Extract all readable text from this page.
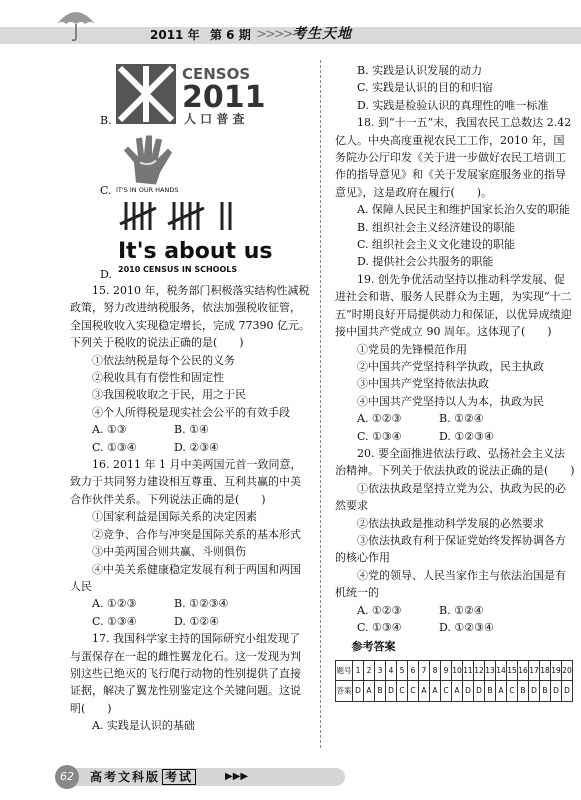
2011 年 第 6 期 >>>> 考生天地
B.
CENSOS
2011
人 口 普 查
C. IT'S IN OUR HANDS
D.
It's about us
2010 CENSUS IN SCHOOLS

15. 2010 年，税务部门积极落实结构性减税政策，努力改进纳税服务，依法加强税收征管，全国税收收入实现稳定增长，完成 77390 亿元。下列关于税收的说法正确的是(　　)

①依法纳税是每个公民的义务

②税收具有有偿性和固定性

③我国税收取之于民，用之于民

④个人所得税是现实社会公平的有效手段

A. ①③	B. ①④
C. ①③④	D. ②③④

16. 2011 年 1 月中美两国元首一致同意，致力于共同努力建设相互尊重、互利共赢的中美合作伙伴关系。下列说法正确的是(　　)

①国家利益是国际关系的决定因素

②竞争、合作与冲突是国际关系的基本形式

③中美两国合则共赢、斗则俱伤

④中美关系健康稳定发展有利于两国和两国人民

A. ①②③	B. ①②③④
C. ①③④	D. ①②④

17. 我国科学家主持的国际研究小组发现了与蛋保存在一起的雌性翼龙化石。这一发现为判别这些已绝灭的飞行爬行动物的性别提供了直接证据，解决了翼龙性别鉴定这个关键问题。这说明(　　)

A. 实践是认识的基础

B. 实践是认识发展的动力

C. 实践是认识的目的和归宿

D. 实践是检验认识的真理性的唯一标准

18. 到“十一五”末，我国农民工总数达 2.42 亿人。中央高度重视农民工工作，2010 年，国务院办公厅印发《关于进一步做好农民工培训工作的指导意见》和《关于发展家庭服务业的指导意见》，这是政府在履行(　　)。

A. 保障人民民主和维护国家长治久安的职能

B. 组织社会主义经济建设的职能

C. 组织社会主义文化建设的职能

D. 提供社会公共服务的职能

19. 创先争优活动坚持以推动科学发展、促进社会和谐、服务人民群众为主题，为实现“十二五”时期良好开局提供动力和保证，以优异成绩迎接中国共产党成立 90 周年。这体现了(　　)

①党员的先锋模范作用

②中国共产党坚持科学执政，民主执政

③中国共产党坚持依法执政

④中国共产党坚持以人为本，执政为民

A. ①②③	B. ①②④
C. ①③④	D. ①②③④

20. 要全面推进依法行政、弘扬社会主义法治精神。下列关于依法执政的说法正确的是(　　)

①依法执政是坚持立党为公、执政为民的必然要求

②依法执政是推动科学发展的必然要求

③依法执政有利于保证党始终发挥协调各方的核心作用

④党的领导、人民当家作主与依法治国是有机统一的

A. ①②③	B. ①②④
C. ①③④	D. ①②③④
参考答案
题号	1	2	3	4	5	6	7	8	9	10	11	12	13	14	15	16	17	18	19	20
答案	D	A	B	D	C	C	A	A	C	A	D	D	B	A	C	B	D	B	D	D
62	高考文科版 考试	▶▶▶
